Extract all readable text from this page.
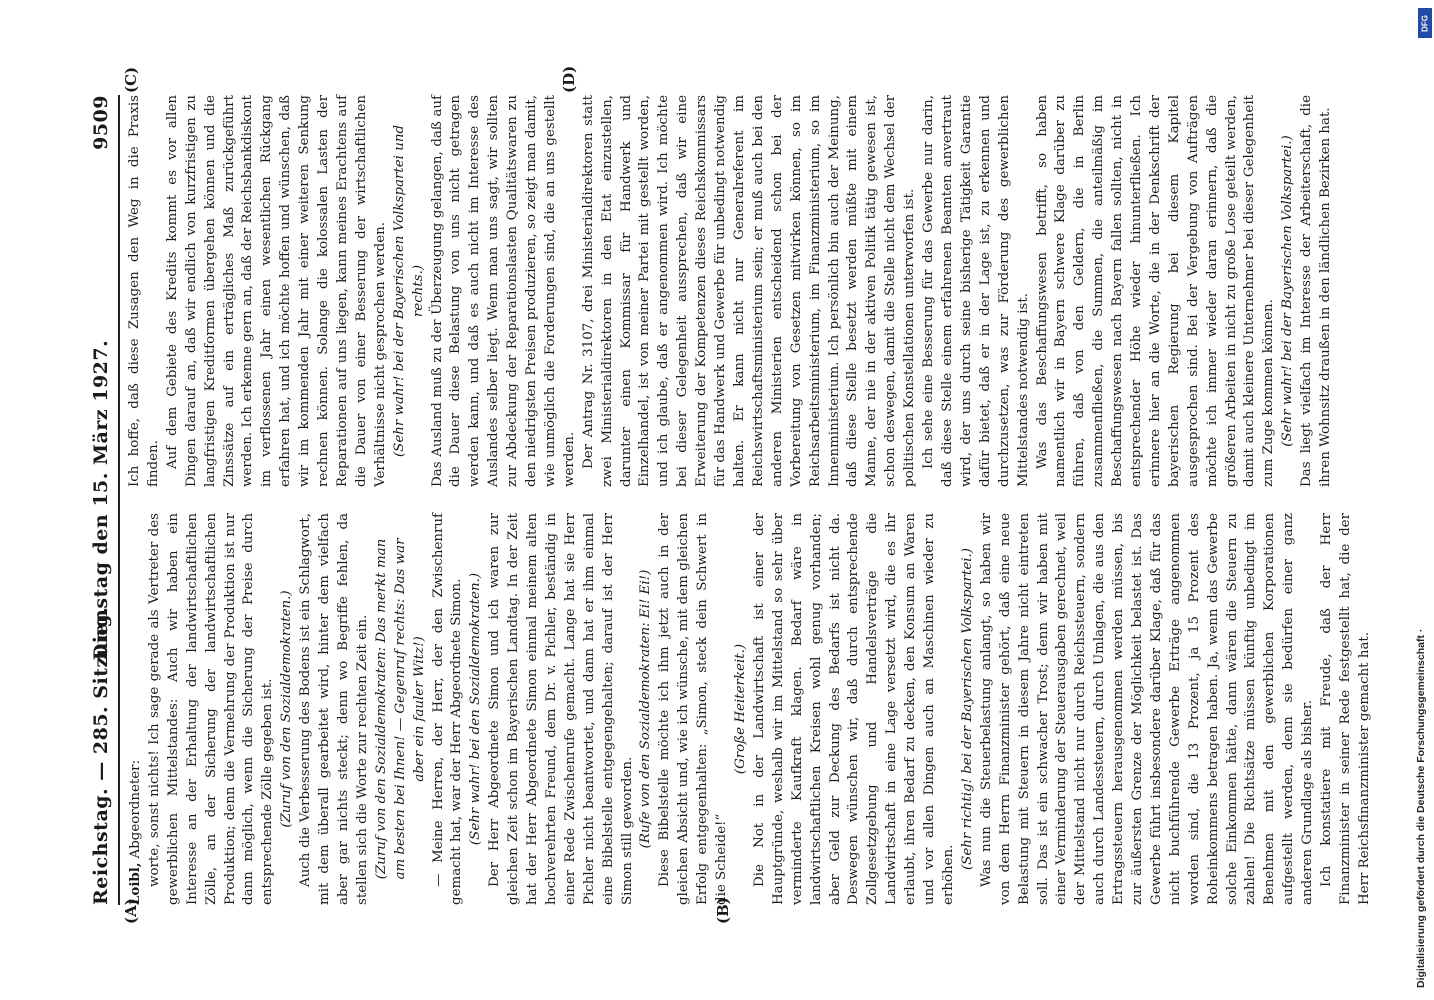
Reichstag. — 285. Sitzung.
Dienstag den 15. März 1927.
9509
(A)	(B)
(C)	(D)

Loibl,Abgeordneter: worte, sonst nichts! Ich sage gerade als Vertreter des gewerblichen Mittelstandes: Auch wir haben ein Interesse an der Erhaltung der landwirtschaftlichen Zölle, an der Sicherung der landwirtschaftlichen Produktion; denn die Vermehrung der Produktion ist nur dann möglich, wenn die Sicherung der Preise durch entsprechende Zölle gegeben ist. (Zuruf von den Sozialdemokraten.) Auch die Verbesserung des Bodens ist ein Schlagwort, mit dem überall gearbeitet wird, hinter dem vielfach aber gar nichts steckt; denn wo Begriffe fehlen, da stellen sich die Worte zur rechten Zeit ein. (Zuruf von den Sozialdemokraten: Das merkt man am besten bei Ihnen! — Gegenruf rechts: Das war aber ein fauler Witz!) — Meine Herren, der Herr, der den Zwischenruf gemacht hat, war der Herr Abgeordnete Simon. (Sehr wahr! bei den Sozialdemokraten.) Der Herr Abgeordnete Simon und ich waren zur gleichen Zeit schon im Bayerischen Landtag. In der Zeit hat der Herr Abgeordnete Simon einmal meinem alten hochverehrten Freund, dem Dr. v. Pichler, beständig in einer Rede Zwischenrufe gemacht. Lange hat sie Herr Pichler nicht beantwortet, und dann hat er ihm einmal eine Bibelstelle entgegengehalten; darauf ist der Herr Simon still geworden. (Rufe von den Sozialdemokraten: Ei! Ei!) Diese Bibelstelle möchte ich ihm jetzt auch in der gleichen Absicht und, wie ich wünsche, mit dem gleichen Erfolg entgegenhalten: „Simon, steck dein Schwert in die Scheide!“

(Große Heiterkeit.) Die Not in der Landwirtschaft ist einer der Hauptgründe, weshalb wir im Mittelstand so sehr über verminderte Kaufkraft klagen. Bedarf wäre in landwirtschaftlichen Kreisen wohl genug vorhanden; aber Geld zur Deckung des Bedarfs ist nicht da. Deswegen wünschen wir, daß durch entsprechende Zollgesetzgebung und Handelsverträge die Landwirtschaft in eine Lage versetzt wird, die es ihr erlaubt, ihren Bedarf zu decken, den Konsum an Waren und vor allen Dingen auch an Maschinen wieder zu erhöhen.

(Sehr richtig! bei der Bayerischen Volkspartei.) Was nun die Steuerbelastung anlangt, so haben wir von dem Herrn Finanzminister gehört, daß eine neue Belastung mit Steuern in diesem Jahre nicht eintreten soll. Das ist ein schwacher Trost; denn wir haben mit einer Verminderung der Steuerausgaben gerechnet, weil der Mittelstand nicht nur durch Reichssteuern, sondern auch durch Landessteuern, durch Umlagen, die aus den Ertragssteuern herausgenommen werden müssen, bis zur äußersten Grenze der Möglichkeit belastet ist. Das Gewerbe führt insbesondere darüber Klage, daß für das nicht buchführende Gewerbe Erträge angenommen worden sind, die 13 Prozent, ja 15 Prozent des Roheinkommens betragen haben. Ja, wenn das Gewerbe solche Einkommen hätte, dann wären die Steuern zu zahlen! Die Richtsätze müssen künftig unbedingt im Benehmen mit den gewerblichen Korporationen aufgestellt werden, denn sie bedürfen einer ganz anderen Grundlage als bisher. Ich konstatiere mit Freude, daß der Herr Finanzminister in seiner Rede festgestellt hat, die der Herr Reichsfinanzminister gemacht hat.

Ich hoffe, daß diese Zusagen den Weg in die Praxis finden. Auf dem Gebiete des Kredits kommt es vor allen Dingen darauf an, daß wir endlich von kurzfristigen zu langfristigen Kreditformen übergehen können und die Zinssätze auf ein erträgliches Maß zurückgeführt werden. Ich erkenne gern an, daß der Reichsbankdiskont im verflossenen Jahr einen wesentlichen Rückgang erfahren hat, und ich möchte hoffen und wünschen, daß wir im kommenden Jahr mit einer weiteren Senkung rechnen können. Solange die kolossalen Lasten der Reparationen auf uns liegen, kann meines Erachtens auf die Dauer von einer Besserung der wirtschaftlichen Verhältnisse nicht gesprochen werden. (Sehr wahr! bei der Bayerischen Volkspartei und rechts.) Das Ausland muß zu der Überzeugung gelangen, daß auf die Dauer diese Belastung von uns nicht getragen werden kann, und daß es auch nicht im Interesse des Auslandes selber liegt. Wenn man uns sagt, wir sollten zur Abdeckung der Reparationslasten Qualitätswaren zu den niedrigsten Preisen produzieren, so zeigt man damit, wie unmöglich die Forderungen sind, die an uns gestellt werden. Der Antrag Nr. 3107, drei Ministerialdirektoren statt zwei Ministerialdirektoren in den Etat einzustellen, darunter einen Kommissar für Handwerk und Einzelhandel, ist von meiner Partei mit gestellt worden, und ich glaube, daß er angenommen wird. Ich möchte bei dieser Gelegenheit aussprechen, daß wir eine Erweiterung der Kompetenzen dieses Reichskommissars für das Handwerk und Gewerbe für unbedingt notwendig halten. Er kann nicht nur Generalreferent im Reichswirtschaftsministerium sein; er muß auch bei den anderen Ministerien entscheidend schon bei der Vorbereitung von Gesetzen mitwirken können, so im Reichsarbeitsministerium, im Finanzministerium, so im Innenministerium. Ich persönlich bin auch der Meinung, daß diese Stelle besetzt werden müßte mit einem Manne, der nie in der aktiven Politik tätig gewesen ist, schon deswegen, damit die Stelle nicht dem Wechsel der politischen Konstellationen unterworfen ist. Ich sehe eine Besserung für das Gewerbe nur darin, daß diese Stelle einem erfahrenen Beamten anvertraut wird, der uns durch seine bisherige Tätigkeit Garantie dafür bietet, daß er in der Lage ist, zu erkennen und durchzusetzen, was zur Förderung des gewerblichen Mittelstandes notwendig ist. Was das Beschaffungswesen betrifft, so haben namentlich wir in Bayern schwere Klage darüber zu führen, daß von den Geldern, die in Berlin zusammenfließen, die Summen, die anteilmäßig im Beschaffungswesen nach Bayern fallen sollten, nicht in entsprechender Höhe wieder hinunterfließen. Ich erinnere hier an die Worte, die in der Denkschrift der bayerischen Regierung bei diesem Kapitel ausgesprochen sind. Bei der Vergebung von Aufträgen möchte ich immer wieder daran erinnern, daß die größeren Arbeiten in nicht zu große Lose geteilt werden, damit auch kleinere Unternehmer bei dieser Gelegenheit zum Zuge kommen können. (Sehr wahr! bei der Bayerischen Volkspartei.) Das liegt vielfach im Interesse der Arbeiterschaft, die ihren Wohnsitz draußen in den ländlichen Bezirken hat.

Digitalisierung gefördert durch die Deutsche Forschungsgemeinschaft ·
DFG
